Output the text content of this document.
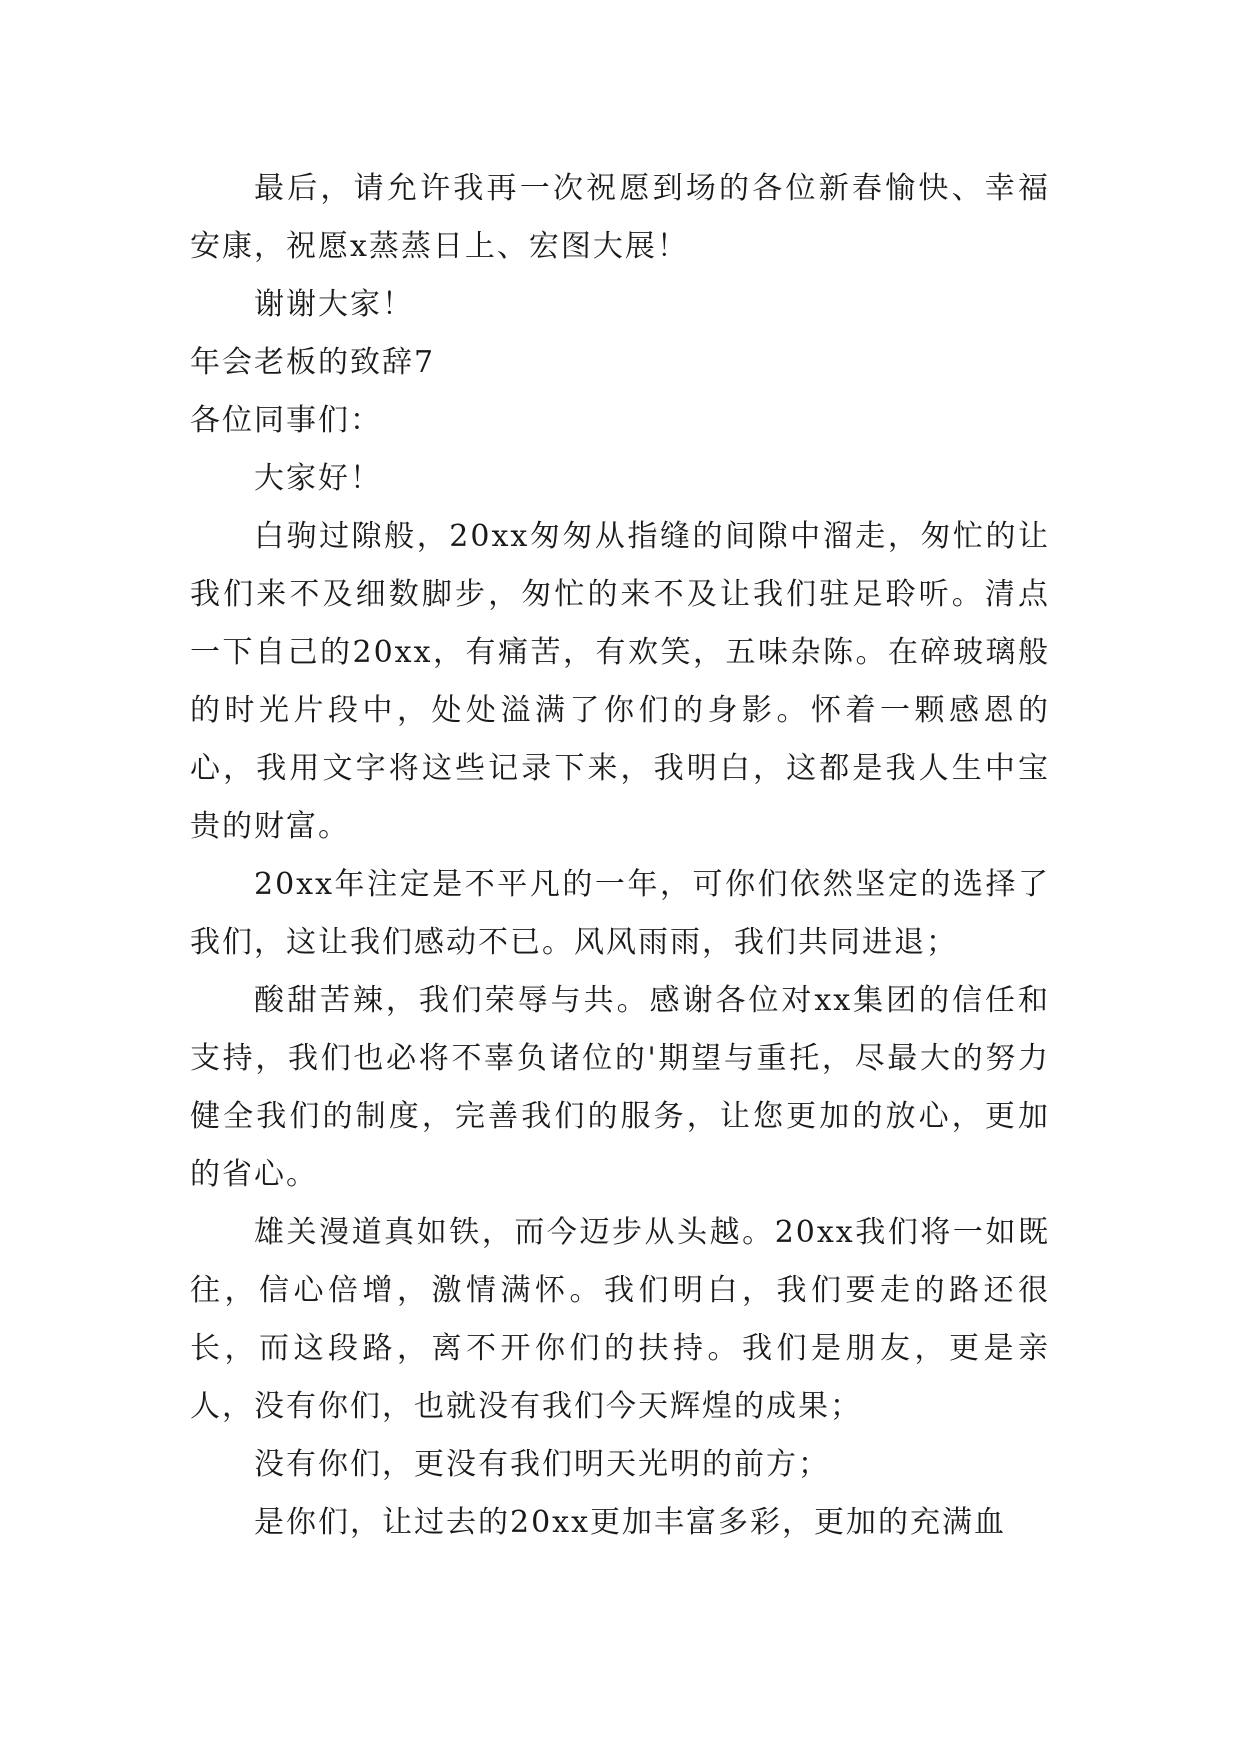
最后，请允许我再一次祝愿到场的各位新春愉快、幸福安康，祝愿x蒸蒸日上、宏图大展！

谢谢大家！

年会老板的致辞7

各位同事们：

大家好！

白驹过隙般，20xx匆匆从指缝的间隙中溜走，匆忙的让我们来不及细数脚步，匆忙的来不及让我们驻足聆听。清点一下自己的20xx，有痛苦，有欢笑，五味杂陈。在碎玻璃般的时光片段中，处处溢满了你们的身影。怀着一颗感恩的心，我用文字将这些记录下来，我明白，这都是我人生中宝贵的财富。

20xx年注定是不平凡的一年，可你们依然坚定的选择了我们，这让我们感动不已。风风雨雨，我们共同进退；

酸甜苦辣，我们荣辱与共。感谢各位对xx集团的信任和支持，我们也必将不辜负诸位的'期望与重托，尽最大的努力健全我们的制度，完善我们的服务，让您更加的放心，更加的省心。

雄关漫道真如铁，而今迈步从头越。20xx我们将一如既往，信心倍增，激情满怀。我们明白，我们要走的路还很长，而这段路，离不开你们的扶持。我们是朋友，更是亲人，没有你们，也就没有我们今天辉煌的成果；

没有你们，更没有我们明天光明的前方；

是你们，让过去的20xx更加丰富多彩，更加的充满血
